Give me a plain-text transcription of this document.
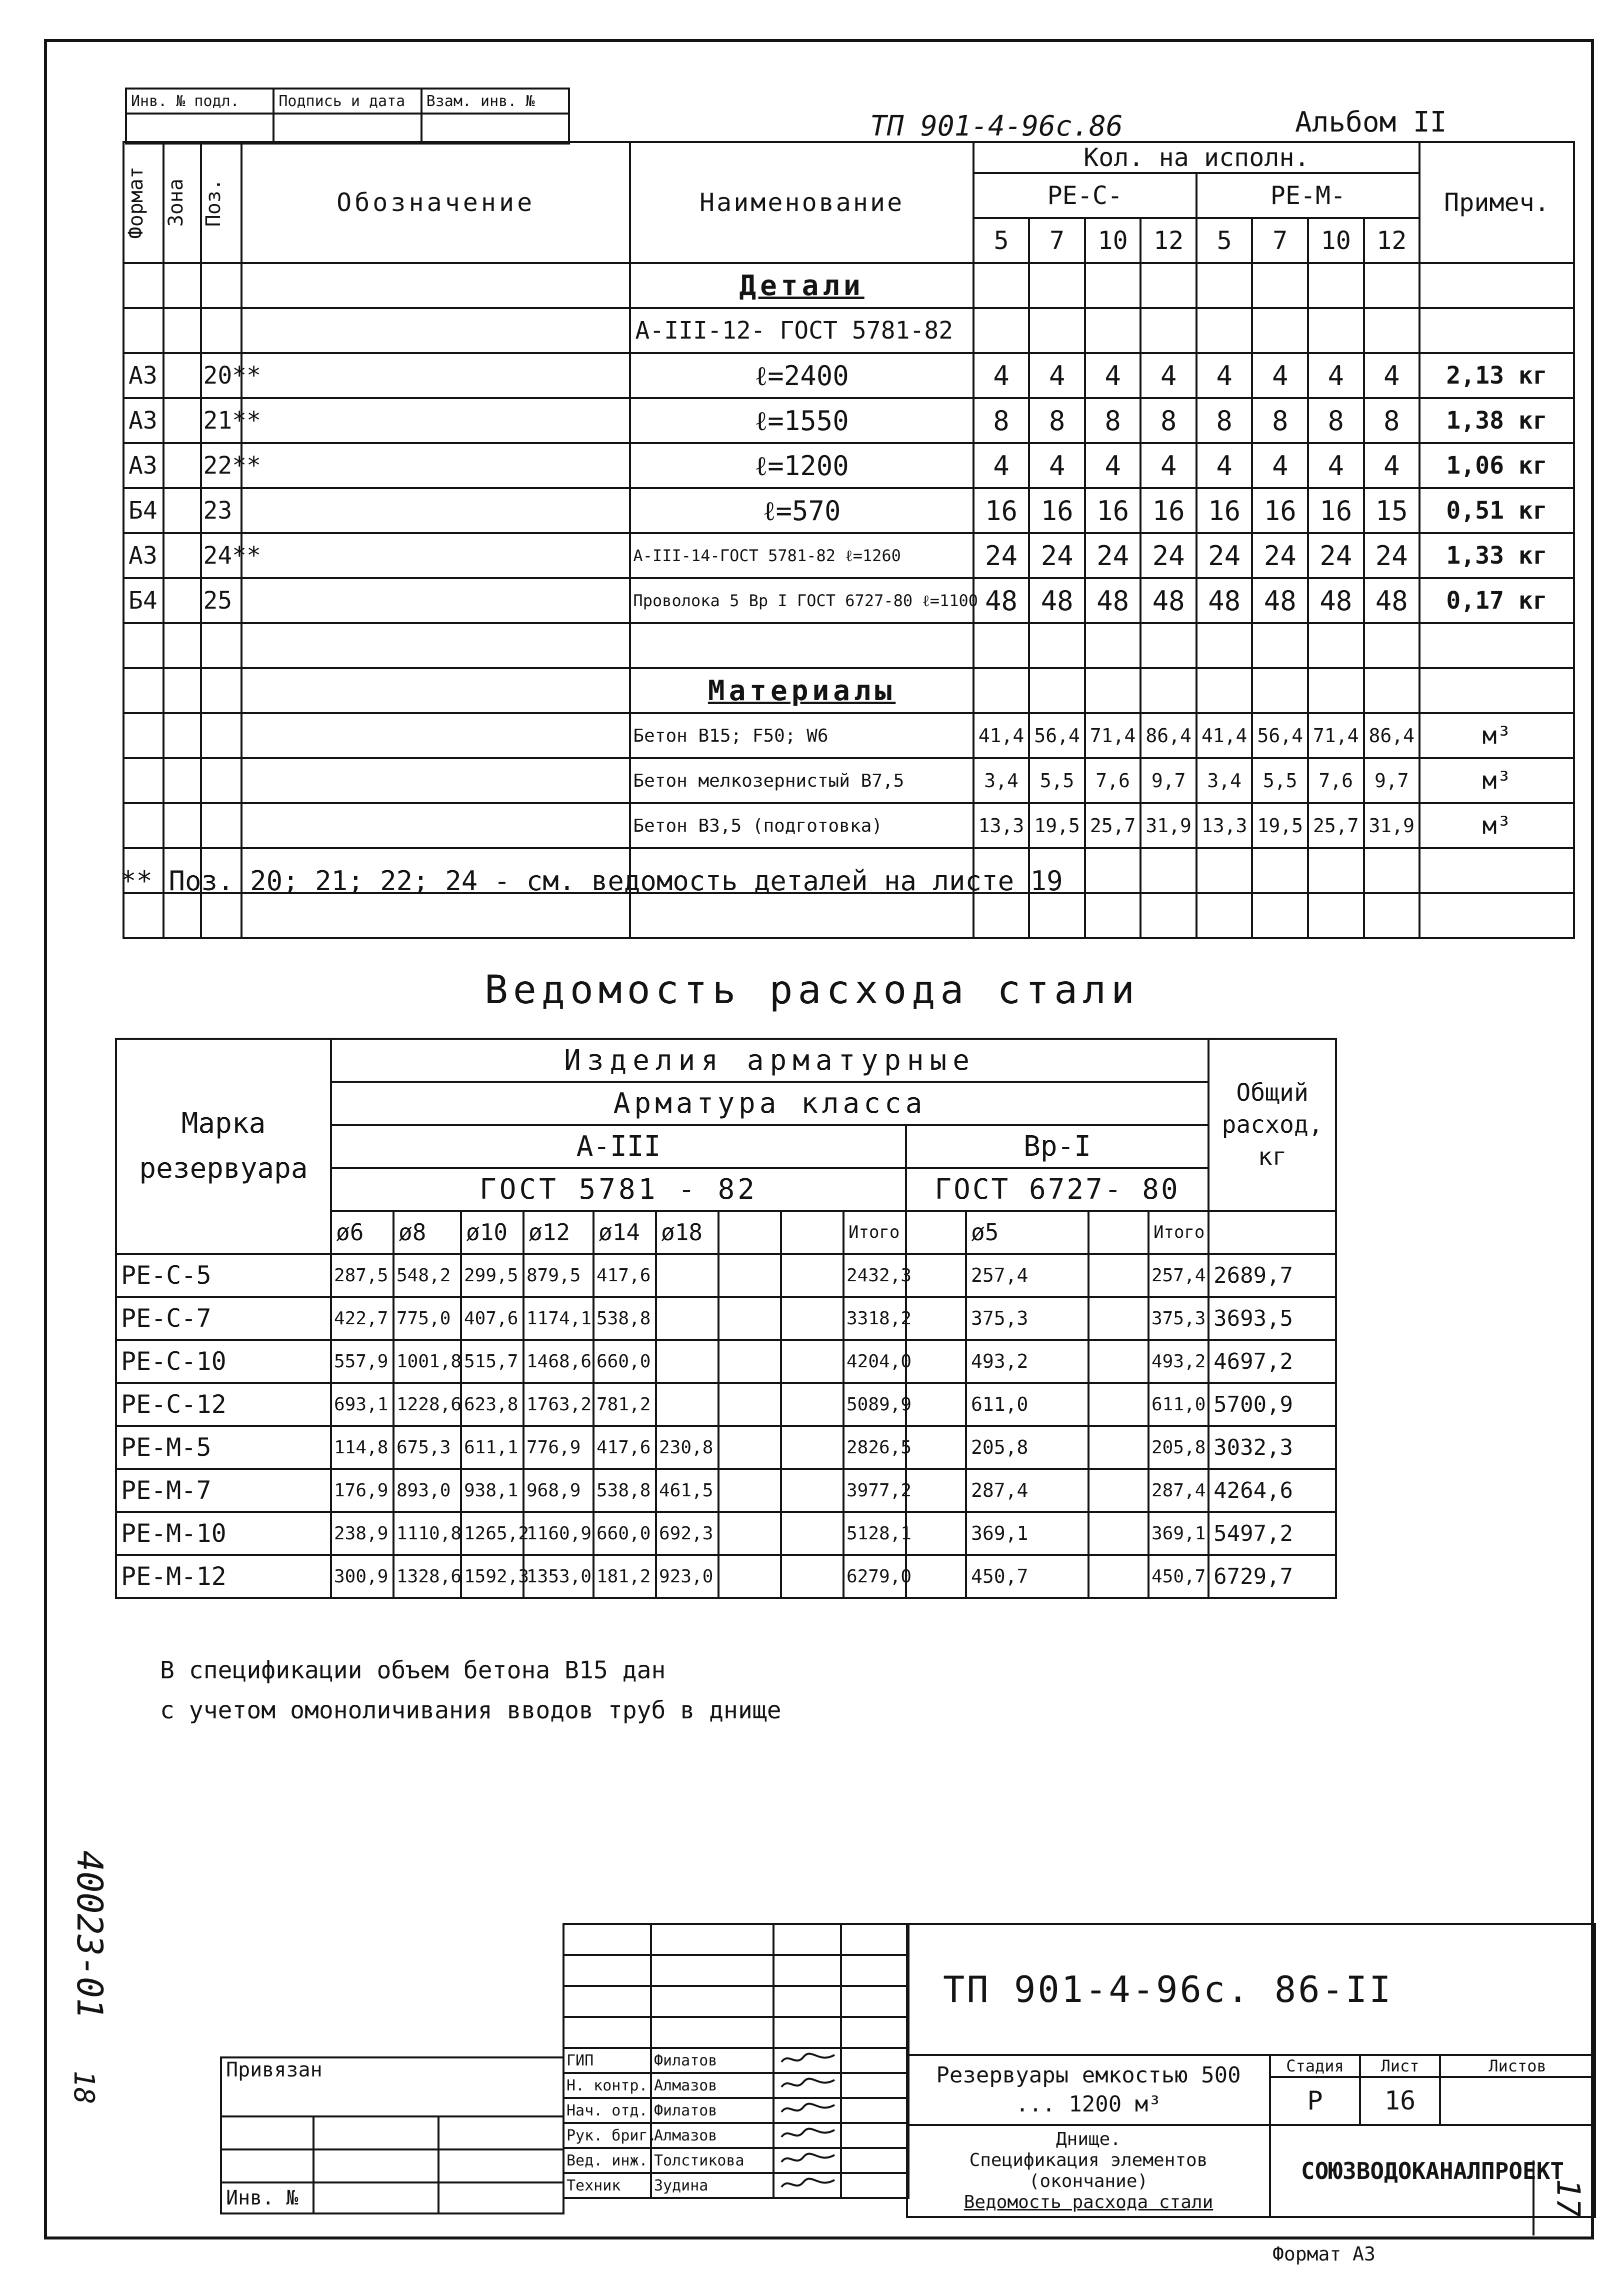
Инв. № подл.	Подпись и дата	Взам. инв. №

ТП 901-4-96с.86	Альбом II
Формат	Зона	Поз.	Обозначение	Наименование	Кол. на исполн.								Примеч.
					РЕ-С-				РЕ-М-				
					5	7	10	12	5	7	10	12	
				Детали									
				А-III-12- ГОСТ 5781-82									
А3		20**		ℓ=2400	4	4	4	4	4	4	4	4	2,13 кг
А3		21**		ℓ=1550	8	8	8	8	8	8	8	8	1,38 кг
А3		22**		ℓ=1200	4	4	4	4	4	4	4	4	1,06 кг
Б4		23		ℓ=570	16	16	16	16	16	16	16	15	0,51 кг
А3		24**		А-III-14-ГОСТ 5781-82 ℓ=1260	24	24	24	24	24	24	24	24	1,33 кг
Б4		25		Проволока 5 Вр I ГОСТ 6727-80 ℓ=1100	48	48	48	48	48	48	48	48	0,17 кг

				Материалы									
				Бетон В15; F50; W6	41,4	56,4	71,4	86,4	41,4	56,4	71,4	86,4	м³
				Бетон мелкозернистый В7,5	3,4	5,5	7,6	9,7	3,4	5,5	7,6	9,7	м³
				Бетон В3,5 (подготовка)	13,3	19,5	25,7	31,9	13,3	19,5	25,7	31,9	м³

** Поз. 20; 21; 22; 24 - см. ведомость деталей на листе 19
Ведомость расхода стали
Марка резервуара	Изделия арматурные													Общий расход, кг
	Арматура класса													
	А-III									Вр-I				
	ГОСТ 5781 - 82									ГОСТ 6727- 80				
	ø6	ø8	ø10	ø12	ø14	ø18			Итого		ø5		Итого	
РЕ-С-5	287,5	548,2	299,5	879,5	417,6				2432,3		257,4		257,4	2689,7
РЕ-С-7	422,7	775,0	407,6	1174,1	538,8				3318,2		375,3		375,3	3693,5
РЕ-С-10	557,9	1001,8	515,7	1468,6	660,0				4204,0		493,2		493,2	4697,2
РЕ-С-12	693,1	1228,6	623,8	1763,2	781,2				5089,9		611,0		611,0	5700,9
РЕ-М-5	114,8	675,3	611,1	776,9	417,6	230,8			2826,5		205,8		205,8	3032,3
РЕ-М-7	176,9	893,0	938,1	968,9	538,8	461,5			3977,2		287,4		287,4	4264,6
РЕ-М-10	238,9	1110,8	1265,2	1160,9	660,0	692,3			5128,1		369,1		369,1	5497,2
РЕ-М-12	300,9	1328,6	1592,3	1353,0	181,2	923,0			6279,0		450,7		450,7	6729,7
В спецификации объем бетона В15 дан
с учетом омоноличивания вводов труб в днище
40023-01
18

ГИП	Филатов		
Н. контр.	Алмазов		
Нач. отд.	Филатов		
Рук. бриг.	Алмазов		
Вед. инж.	Толстикова		
Техник	Зудина		
Привязан		

Инв. №		
ТП 901-4-96с. 86-II			
Резервуары емкостью 500 ... 1200 м³	Стадия	Лист	Листов
	Р	16	

Днище.
Спецификация элементов
(окончание)
Ведомость расхода стали	СОЮЗВОДОКАНАЛПРОЕКТ		
Формат А3
17
